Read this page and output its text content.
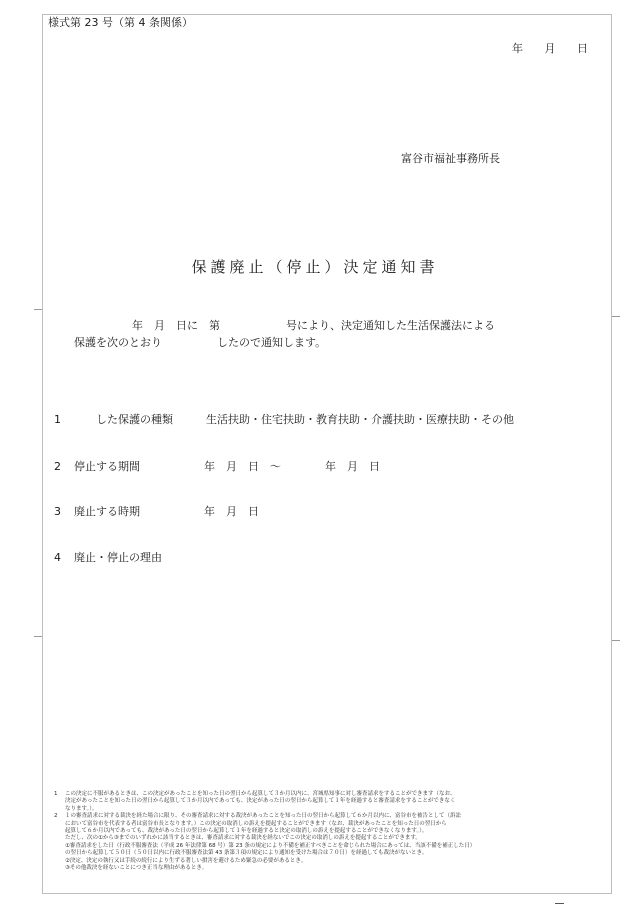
様式第 23 号（第 4 条関係）
年 月 日
富谷市福祉事務所長
保護廃止（停止）決定通知書
年　月　日に　第　　　　　　号により、決定通知した生活保護法による
保護を次のとおり　　　　　したので通知します。
1	した保護の種類	生活扶助・住宅扶助・教育扶助・介護扶助・医療扶助・その他
2 停止する期間	年　月　日　～　　　　年　月　日
3 廃止する時期	年　月　日
4 廃止・停止の理由
1	この決定に不服があるときは、この決定があったことを知った日の翌日から起算して３か月以内に、宮城県知事に対し審査請求をすることができます（なお、
決定があったことを知った日の翌日から起算して３か月以内であっても、決定があった日の翌日から起算して１年を経過すると審査請求をすることができなく
なります。）。
2	１の審査請求に対する裁決を経た場合に限り、その審査請求に対する裁決があったことを知った日の翌日から起算して６か月以内に、富谷市を被告として（訴訟
において富谷市を代表する者は富谷市長となります。）この決定の取消しの訴えを提起することができます（なお、裁決があったことを知った日の翌日から
起算して６か月以内であっても、裁決があった日の翌日から起算して１年を経過すると決定の取消しの訴えを提起することができなくなります。）。
ただし、次の①から③までのいずれかに該当するときは、審査請求に対する裁決を経ないでこの決定の取消しの訴えを提起することができます。
①審査請求をした日（行政不服審査法（平成 26 年法律第 68 号）第 23 条の規定により不備を補正すべきことを命じられた場合にあっては、当該不備を補正した日）
の翌日から起算して５０日（５０日以内に行政不服審査法第 43 条第３項の規定により通知を受けた場合は７０日）を経過しても裁決がないとき。
②決定、決定の執行又は手続の続行により生ずる著しい損害を避けるため緊急の必要があるとき。
③その他裁決を経ないことにつき正当な理由があるとき。
